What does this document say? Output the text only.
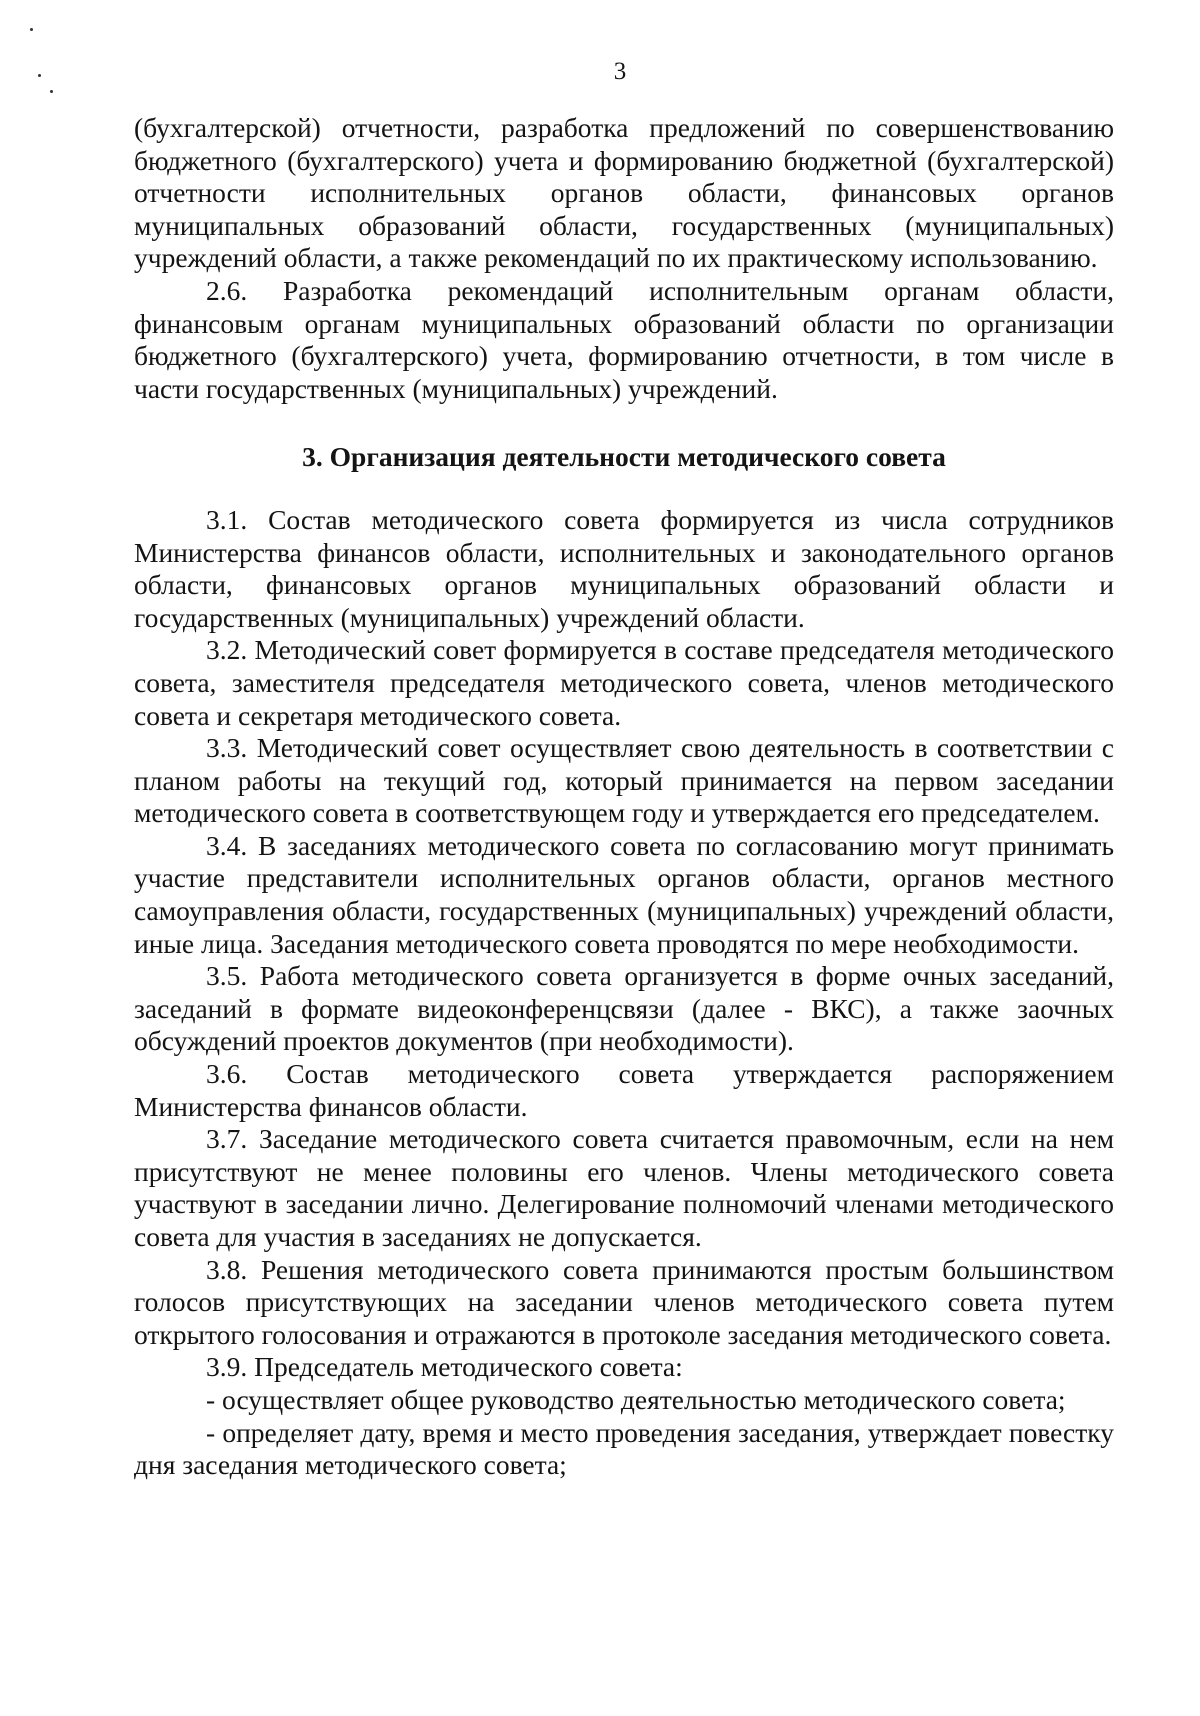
3

(бухгалтерской) отчетности, разработка предложений по совершенствованию бюджетного (бухгалтерского) учета и формированию бюджетной (бухгалтерской) отчетности исполнительных органов области, финансовых органов муниципальных образований области, государственных (муниципальных) учреждений области, а также рекомендаций по их практическому использованию.

2.6. Разработка рекомендаций исполнительным органам области, финансовым органам муниципальных образований области по организации бюджетного (бухгалтерского) учета, формированию отчетности, в том числе в части государственных (муниципальных) учреждений.

3. Организация деятельности методического совета

3.1. Состав методического совета формируется из числа сотрудников Министерства финансов области, исполнительных и законодательного органов области, финансовых органов муниципальных образований области и государственных (муниципальных) учреждений области.

3.2. Методический совет формируется в составе председателя методического совета, заместителя председателя методического совета, членов методического совета и секретаря методического совета.

3.3. Методический совет осуществляет свою деятельность в соответствии с планом работы на текущий год, который принимается на первом заседании методического совета в соответствующем году и утверждается его председателем.

3.4. В заседаниях методического совета по согласованию могут принимать участие представители исполнительных органов области, органов местного самоуправления области, государственных (муниципальных) учреждений области, иные лица. Заседания методического совета проводятся по мере необходимости.

3.5. Работа методического совета организуется в форме очных заседаний, заседаний в формате видеоконференцсвязи (далее - ВКС), а также заочных обсуждений проектов документов (при необходимости).

3.6. Состав методического совета утверждается распоряжением Министерства финансов области.

3.7. Заседание методического совета считается правомочным, если на нем присутствуют не менее половины его членов. Члены методического совета участвуют в заседании лично. Делегирование полномочий членами методического совета для участия в заседаниях не допускается.

3.8. Решения методического совета принимаются простым большинством голосов присутствующих на заседании членов методического совета путем открытого голосования и отражаются в протоколе заседания методического совета.

3.9. Председатель методического совета:

- осуществляет общее руководство деятельностью методического совета;

- определяет дату, время и место проведения заседания, утверждает повестку дня заседания методического совета;
